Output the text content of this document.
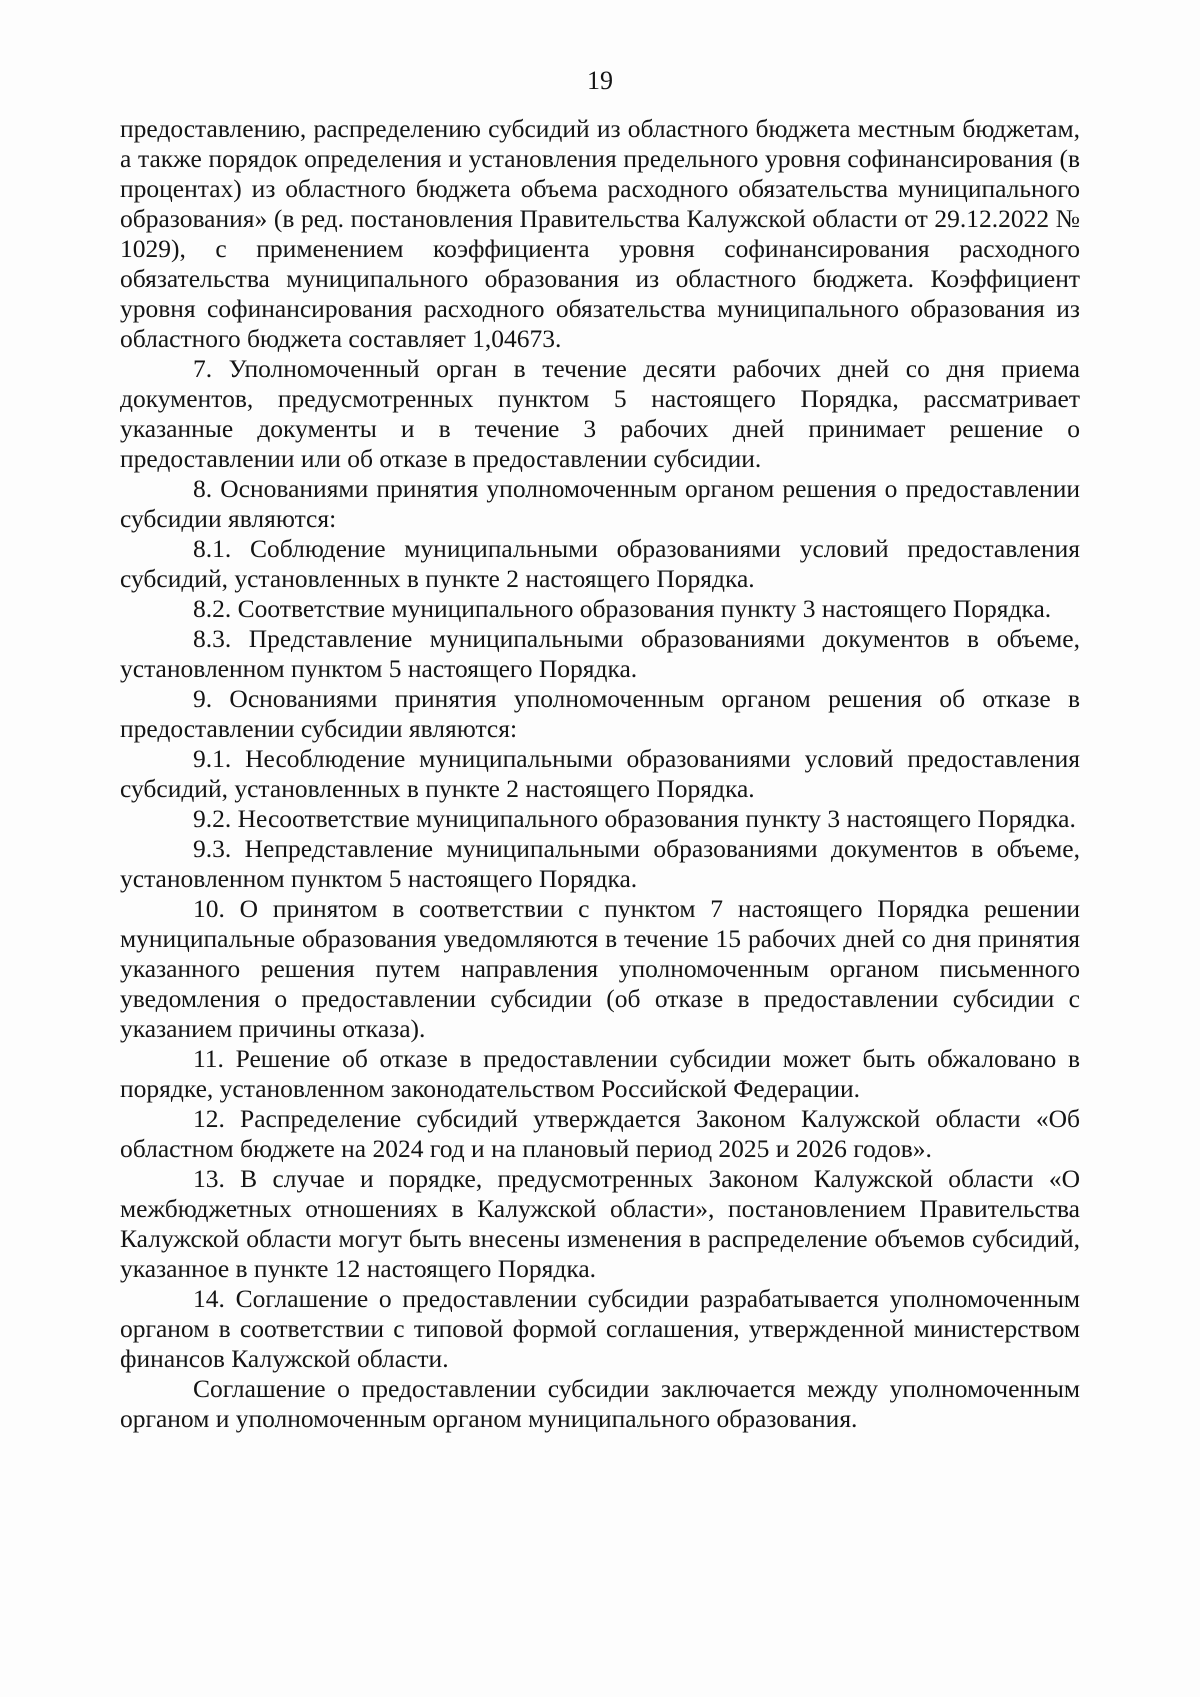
19

предоставлению, распределению субсидий из областного бюджета местным бюджетам, а также порядок определения и установления предельного уровня софинансирования (в процентах) из областного бюджета объема расходного обязательства муниципального образования» (в ред. постановления Правительства Калужской области от 29.12.2022 № 1029), с применением коэффициента уровня софинансирования расходного обязательства муниципального образования из областного бюджета. Коэффициент уровня софинансирования расходного обязательства муниципального образования из областного бюджета составляет 1,04673.

7. Уполномоченный орган в течение десяти рабочих дней со дня приема документов, предусмотренных пунктом 5 настоящего Порядка, рассматривает указанные документы и в течение 3 рабочих дней принимает решение о предоставлении или об отказе в предоставлении субсидии.

8. Основаниями принятия уполномоченным органом решения о предоставлении субсидии являются:

8.1. Соблюдение муниципальными образованиями условий предоставления субсидий, установленных в пункте 2 настоящего Порядка.

8.2. Соответствие муниципального образования пункту 3 настоящего Порядка.

8.3. Представление муниципальными образованиями документов в объеме, установленном пунктом 5 настоящего Порядка.

9. Основаниями принятия уполномоченным органом решения об отказе в предоставлении субсидии являются:

9.1. Несоблюдение муниципальными образованиями условий предоставления субсидий, установленных в пункте 2 настоящего Порядка.

9.2. Несоответствие муниципального образования пункту 3 настоящего Порядка.

9.3. Непредставление муниципальными образованиями документов в объеме, установленном пунктом 5 настоящего Порядка.

10. О принятом в соответствии с пунктом 7 настоящего Порядка решении муниципальные образования уведомляются в течение 15 рабочих дней со дня принятия указанного решения путем направления уполномоченным органом письменного уведомления о предоставлении субсидии (об отказе в предоставлении субсидии с указанием причины отказа).

11. Решение об отказе в предоставлении субсидии может быть обжаловано в порядке, установленном законодательством Российской Федерации.

12. Распределение субсидий утверждается Законом Калужской области «Об областном бюджете на 2024 год и на плановый период 2025 и 2026 годов».

13. В случае и порядке, предусмотренных Законом Калужской области «О межбюджетных отношениях в Калужской области», постановлением Правительства Калужской области могут быть внесены изменения в распределение объемов субсидий, указанное в пункте 12 настоящего Порядка.

14. Соглашение о предоставлении субсидии разрабатывается уполномоченным органом в соответствии с типовой формой соглашения, утвержденной министерством финансов Калужской области.

Соглашение о предоставлении субсидии заключается между уполномоченным органом и уполномоченным органом муниципального образования.
